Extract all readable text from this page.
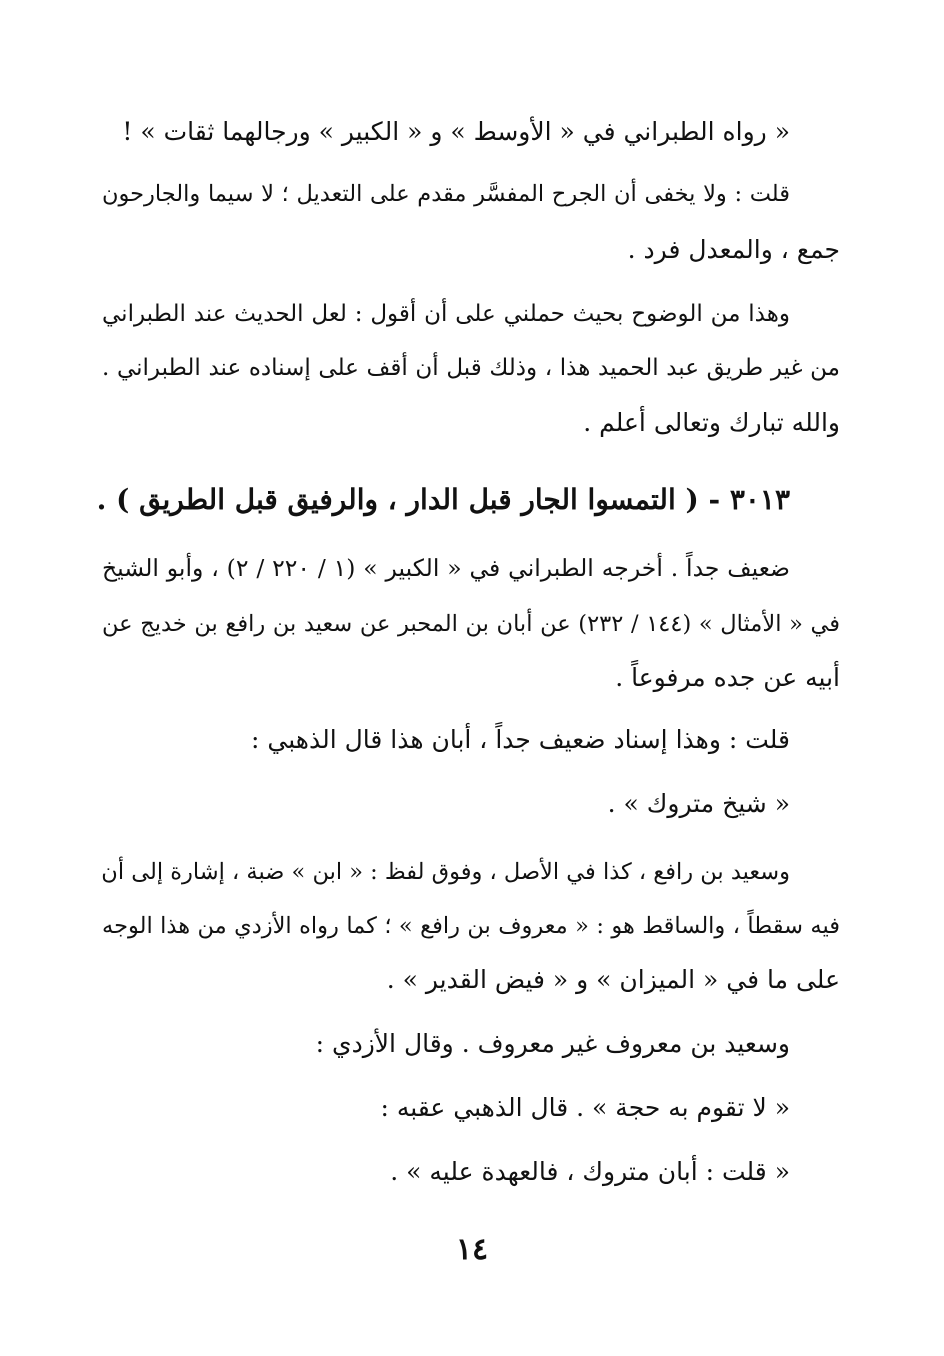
« رواه الطبراني في « الأوسط » و « الكبير » ورجالهما ثقات » !
قلت : ولا يخفى أن الجرح المفسَّر مقدم على التعديل ؛ لا سيما والجارحون
جمع ، والمعدل فرد .
وهذا من الوضوح بحيث حملني على أن أقول : لعل الحديث عند الطبراني
من غير طريق عبد الحميد هذا ، وذلك قبل أن أقف على إسناده عند الطبراني .
والله تبارك وتعالى أعلم .
٣٠١٣ - ( التمسوا الجار قبل الدار ، والرفيق قبل الطريق ) .
ضعيف جداً . أخرجه الطبراني في « الكبير » (١ / ٢٢٠ / ٢) ، وأبو الشيخ
في « الأمثال » (١٤٤ / ٢٣٢) عن أبان بن المحبر عن سعيد بن رافع بن خديج عن
أبيه عن جده مرفوعاً .
قلت : وهذا إسناد ضعيف جداً ، أبان هذا قال الذهبي :
« شيخ متروك » .
وسعيد بن رافع ، كذا في الأصل ، وفوق لفظ : « ابن » ضبة ، إشارة إلى أن
فيه سقطاً ، والساقط هو : « معروف بن رافع » ؛ كما رواه الأزدي من هذا الوجه
على ما في « الميزان » و « فيض القدير » .
وسعيد بن معروف غير معروف . وقال الأزدي :
« لا تقوم به حجة » . قال الذهبي عقبه :
« قلت : أبان متروك ، فالعهدة عليه » .
١٤
